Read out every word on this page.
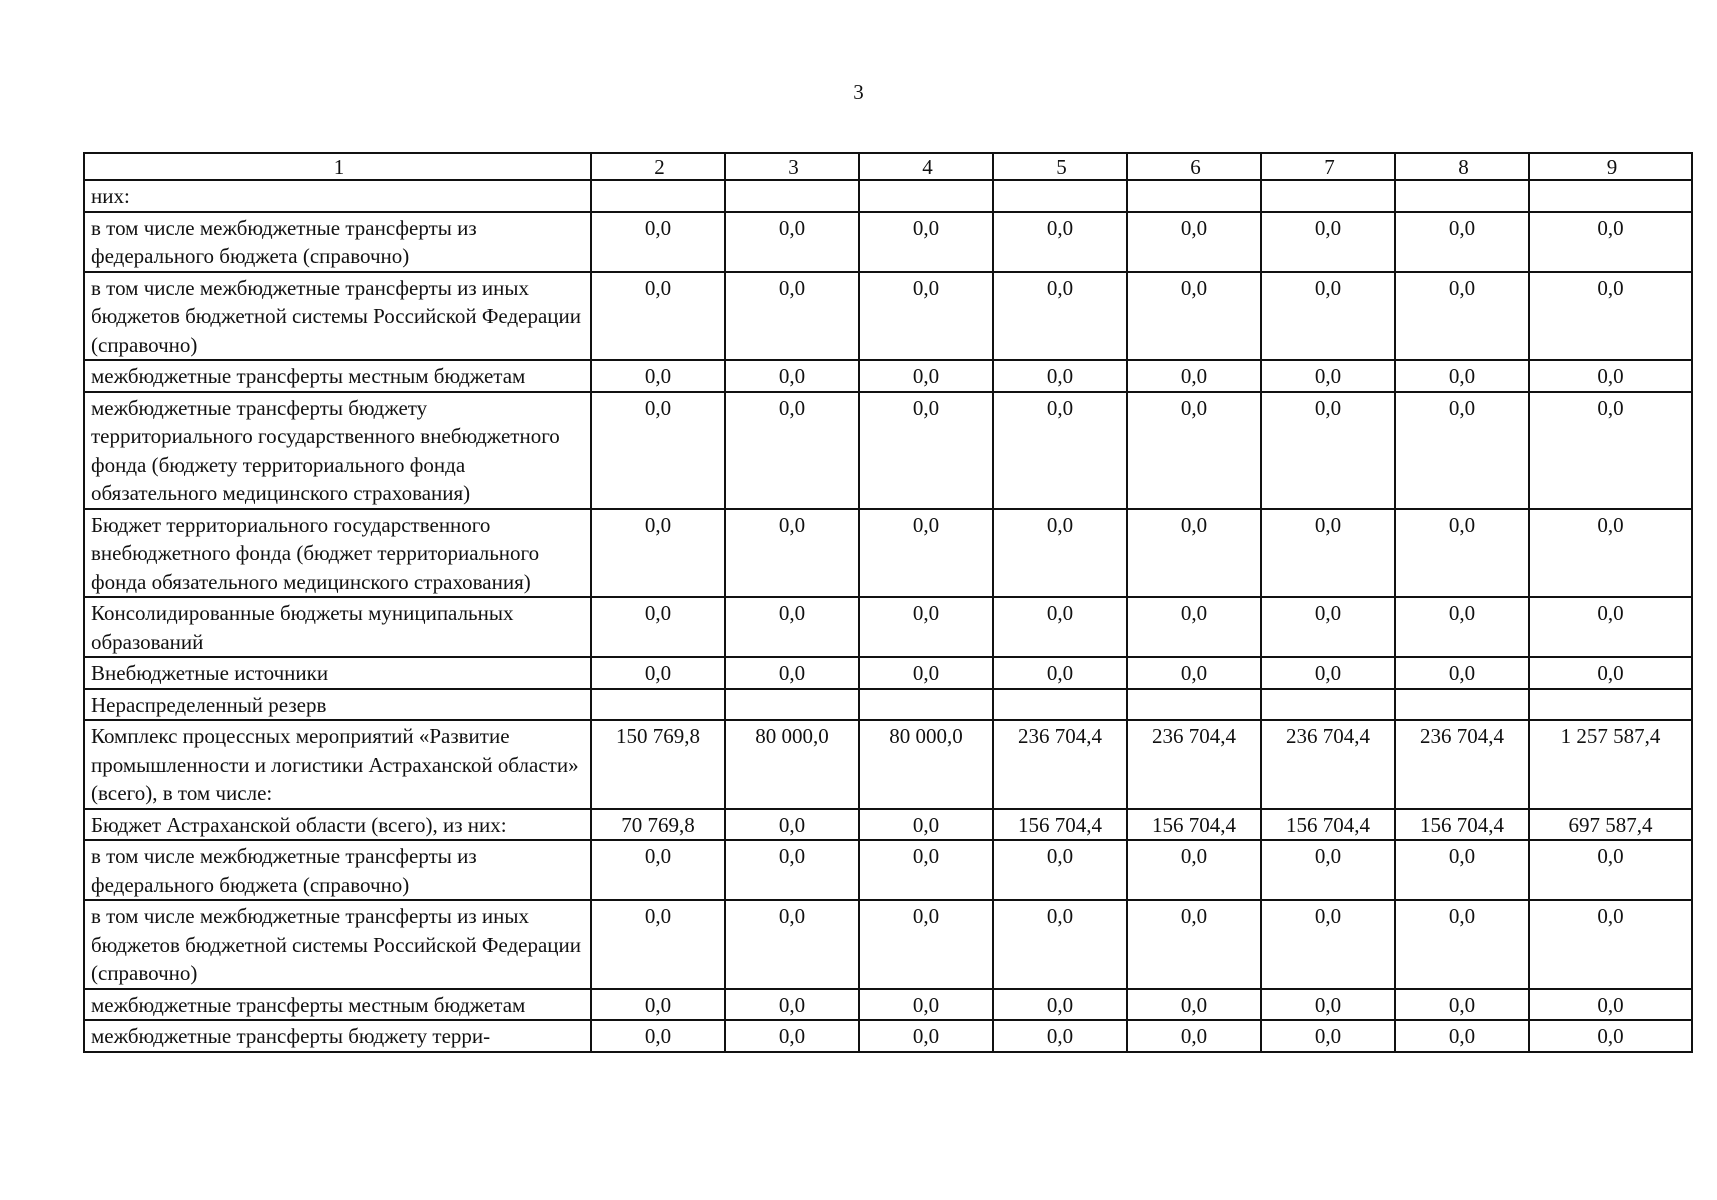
3
1	2	3	4	5	6	7	8	9
них:								
в том числе межбюджетные трансферты из федерального бюджета (справочно)	0,0	0,0	0,0	0,0	0,0	0,0	0,0	0,0
в том числе межбюджетные трансферты из иных бюджетов бюджетной системы Российской Федерации (справочно)	0,0	0,0	0,0	0,0	0,0	0,0	0,0	0,0
межбюджетные трансферты местным бюджетам	0,0	0,0	0,0	0,0	0,0	0,0	0,0	0,0
межбюджетные трансферты бюджету территориального государственного внебюджетного фонда (бюджету территориального фонда обязательного медицинского страхования)	0,0	0,0	0,0	0,0	0,0	0,0	0,0	0,0
Бюджет территориального государственного внебюджетного фонда (бюджет территориального фонда обязательного медицинского страхования)	0,0	0,0	0,0	0,0	0,0	0,0	0,0	0,0
Консолидированные бюджеты муниципальных образований	0,0	0,0	0,0	0,0	0,0	0,0	0,0	0,0
Внебюджетные источники	0,0	0,0	0,0	0,0	0,0	0,0	0,0	0,0
Нераспределенный резерв								
Комплекс процессных мероприятий «Развитие промышленности и логистики Астраханской области» (всего), в том числе:	150 769,8	80 000,0	80 000,0	236 704,4	236 704,4	236 704,4	236 704,4	1 257 587,4
Бюджет Астраханской области (всего), из них:	70 769,8	0,0	0,0	156 704,4	156 704,4	156 704,4	156 704,4	697 587,4
в том числе межбюджетные трансферты из федерального бюджета (справочно)	0,0	0,0	0,0	0,0	0,0	0,0	0,0	0,0
в том числе межбюджетные трансферты из иных бюджетов бюджетной системы Российской Федерации (справочно)	0,0	0,0	0,0	0,0	0,0	0,0	0,0	0,0
межбюджетные трансферты местным бюджетам	0,0	0,0	0,0	0,0	0,0	0,0	0,0	0,0
межбюджетные трансферты бюджету терри-	0,0	0,0	0,0	0,0	0,0	0,0	0,0	0,0
